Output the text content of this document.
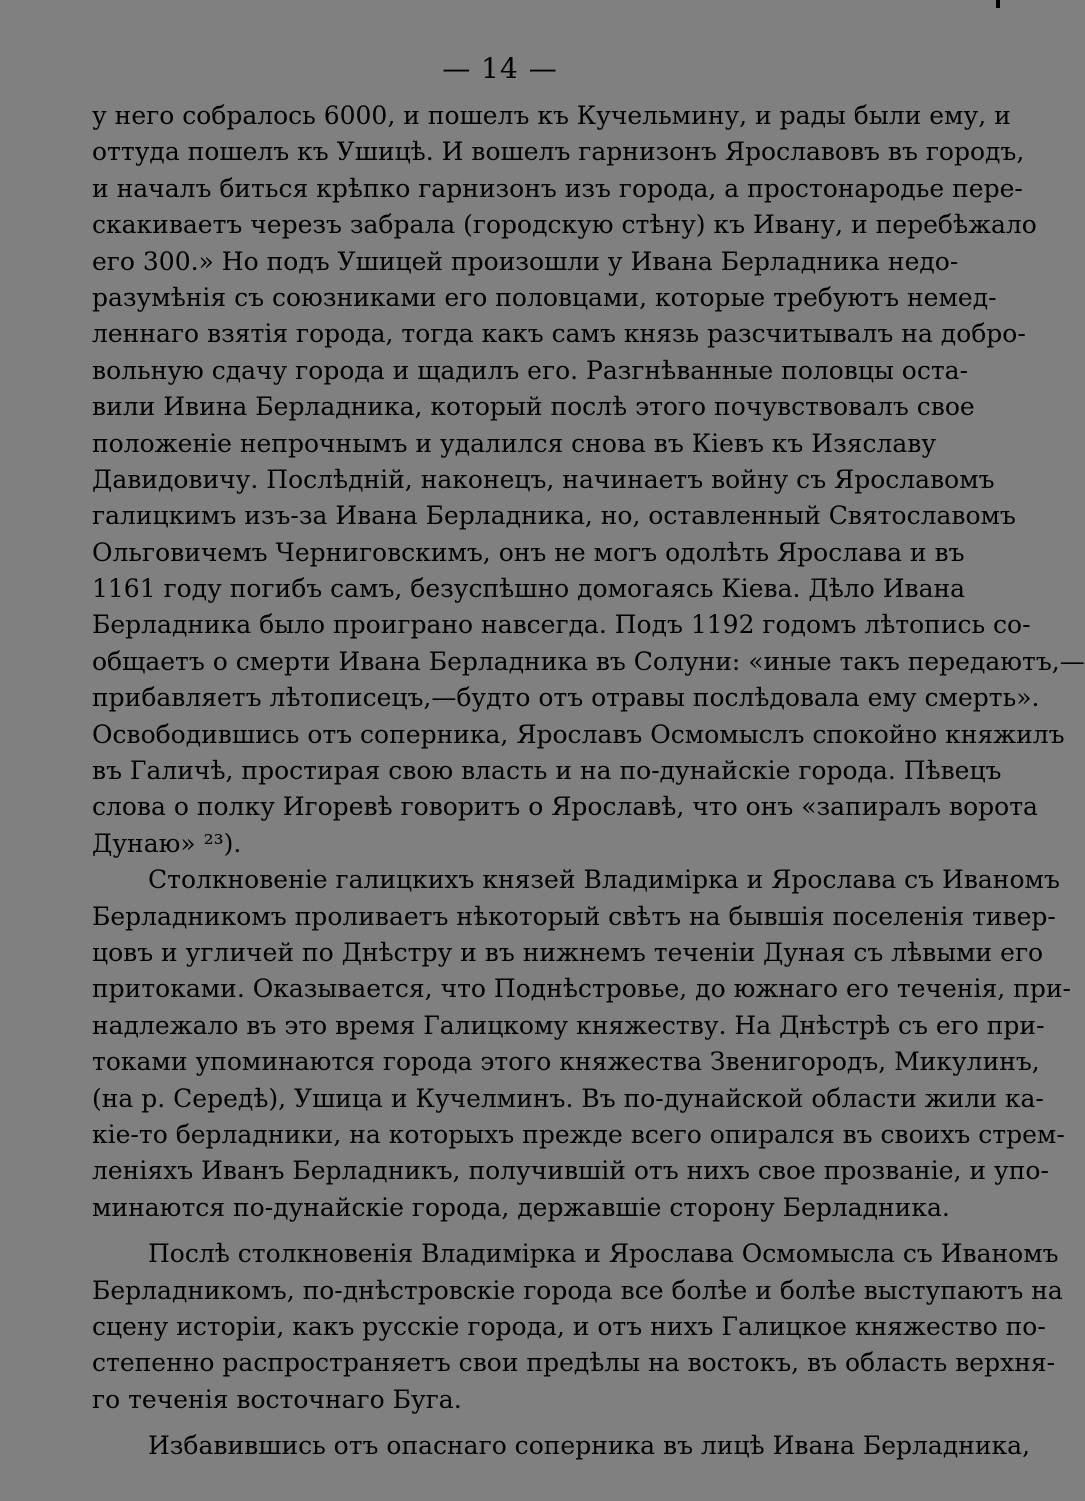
— 14 —
у него собралось 6000, и пошелъ къ Кучельмину, и рады были ему, и
оттуда пошелъ къ Ушицѣ. И вошелъ гарнизонъ Ярославовъ въ городъ,
и началъ биться крѣпко гарнизонъ изъ города, а простонародье пере-
скакиваетъ черезъ забрала (городскую стѣну) къ Ивану, и перебѣжало
его 300.» Но подъ Ушицей произошли у Ивана Берладника недо-
разумѣнія съ союзниками его половцами, которые требуютъ немед-
леннаго взятія города, тогда какъ самъ князь разсчитывалъ на добро-
вольную сдачу города и щадилъ его. Разгнѣванные половцы оста-
вили Ивина Берладника, который послѣ этого почувствовалъ свое
положеніе непрочнымъ и удалился снова въ Кіевъ къ Изяславу
Давидовичу. Послѣдній, наконецъ, начинаетъ войну съ Ярославомъ
галицкимъ изъ-за Ивана Берладника, но, оставленный Святославомъ
Ольговичемъ Черниговскимъ, онъ не могъ одолѣть Ярослава и въ
1161 году погибъ самъ, безуспѣшно домогаясь Кіева. Дѣло Ивана
Берладника было проиграно навсегда. Подъ 1192 годомъ лѣтопись со-
общаетъ о смерти Ивана Берладника въ Солуни: «иные такъ передаютъ,—
прибавляетъ лѣтописецъ,—будто отъ отравы послѣдовала ему смерть».
Освободившись отъ соперника, Ярославъ Осмомыслъ спокойно княжилъ
въ Галичѣ, простирая свою власть и на по-дунайскіе города. Пѣвецъ
слова о полку Игоревѣ говоритъ о Ярославѣ, что онъ «запиралъ ворота
Дунаю» ²³).
Столкновеніе галицкихъ князей Владимірка и Ярослава съ Иваномъ
Берладникомъ проливаетъ нѣкоторый свѣтъ на бывшія поселенія тивер-
цовъ и угличей по Днѣстру и въ нижнемъ теченіи Дуная съ лѣвыми его
притоками. Оказывается, что Поднѣстровье, до южнаго его теченія, при-
надлежало въ это время Галицкому княжеству. На Днѣстрѣ съ его при-
токами упоминаются города этого княжества Звенигородъ, Микулинъ,
(на р. Середѣ), Ушица и Кучелминъ. Въ по-дунайской области жили ка-
кіе-то берладники, на которыхъ прежде всего опирался въ своихъ стрем-
леніяхъ Иванъ Берладникъ, получившій отъ нихъ свое прозваніе, и упо-
минаются по-дунайскіе города, державшіе сторону Берладника.
Послѣ столкновенія Владимірка и Ярослава Осмомысла съ Иваномъ
Берладникомъ, по-днѣстровскіе города все болѣе и болѣе выступаютъ на
сцену исторіи, какъ русскіе города, и отъ нихъ Галицкое княжество по-
степенно распространяетъ свои предѣлы на востокъ, въ область верхня-
го теченія восточнаго Буга.
Избавившись отъ опаснаго соперника въ лицѣ Ивана Берладника,
